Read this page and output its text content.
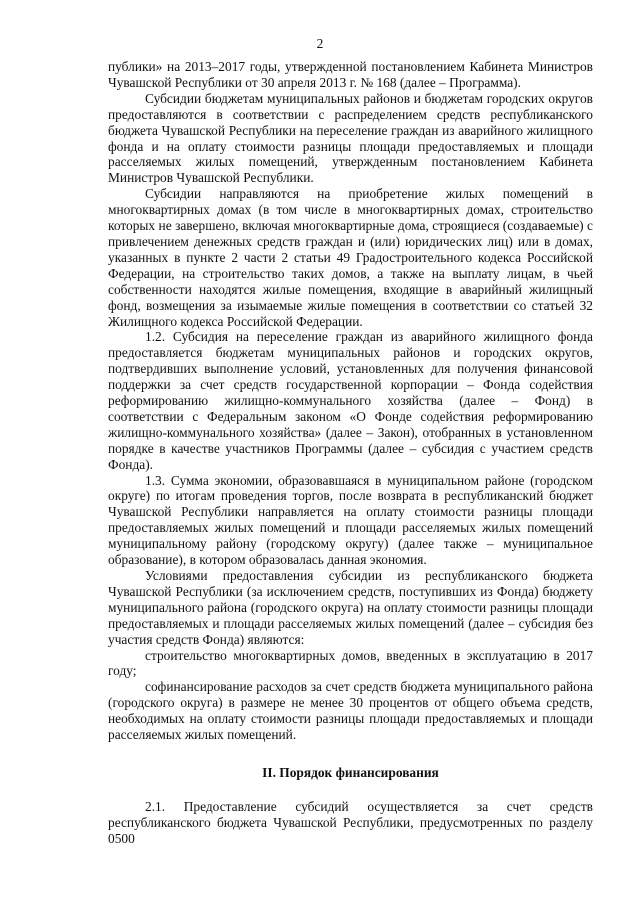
2

публики» на 2013–2017 годы, утвержденной постановлением Кабинета Министров Чувашской Республики от 30 апреля 2013 г. № 168 (далее – Программа).

Субсидии бюджетам муниципальных районов и бюджетам городских округов предоставляются в соответствии с распределением средств республиканского бюджета Чувашской Республики на переселение граждан из аварийного жилищного фонда и на оплату стоимости разницы площади предоставляемых и площади расселяемых жилых помещений, утвержденным постановлением Кабинета Министров Чувашской Республики.

Субсидии направляются на приобретение жилых помещений в многоквартирных домах (в том числе в многоквартирных домах, строительство которых не завершено, включая многоквартирные дома, строящиеся (создаваемые) с привлечением денежных средств граждан и (или) юридических лиц) или в домах, указанных в пункте 2 части 2 статьи 49 Градостроительного кодекса Российской Федерации, на строительство таких домов, а также на выплату лицам, в чьей собственности находятся жилые помещения, входящие в аварийный жилищный фонд, возмещения за изымаемые жилые помещения в соответствии со статьей 32 Жилищного кодекса Российской Федерации.

1.2. Субсидия на переселение граждан из аварийного жилищного фонда предоставляется бюджетам муниципальных районов и городских округов, подтвердивших выполнение условий, установленных для получения финансовой поддержки за счет средств государственной корпорации – Фонда содействия реформированию жилищно-коммунального хозяйства (далее – Фонд) в соответствии с Федеральным законом «О Фонде содействия реформированию жилищно-коммунального хозяйства» (далее – Закон), отобранных в установленном порядке в качестве участников Программы (далее – субсидия с участием средств Фонда).

1.3. Сумма экономии, образовавшаяся в муниципальном районе (городском округе) по итогам проведения торгов, после возврата в республиканский бюджет Чувашской Республики направляется на оплату стоимости разницы площади предоставляемых жилых помещений и площади расселяемых жилых помещений муниципальному району (городскому округу) (далее также – муниципальное образование), в котором образовалась данная экономия.

Условиями предоставления субсидии из республиканского бюджета Чувашской Республики (за исключением средств, поступивших из Фонда) бюджету муниципального района (городского округа) на оплату стоимости разницы площади предоставляемых и площади расселяемых жилых помещений (далее – субсидия без участия средств Фонда) являются:

строительство многоквартирных домов, введенных в эксплуатацию в 2017 году;

софинансирование расходов за счет средств бюджета муниципального района (городского округа) в размере не менее 30 процентов от общего объема средств, необходимых на оплату стоимости разницы площади предоставляемых и площади расселяемых жилых помещений.

II. Порядок финансирования

2.1. Предоставление субсидий осуществляется за счет средств республиканского бюджета Чувашской Республики, предусмотренных по разделу 0500
